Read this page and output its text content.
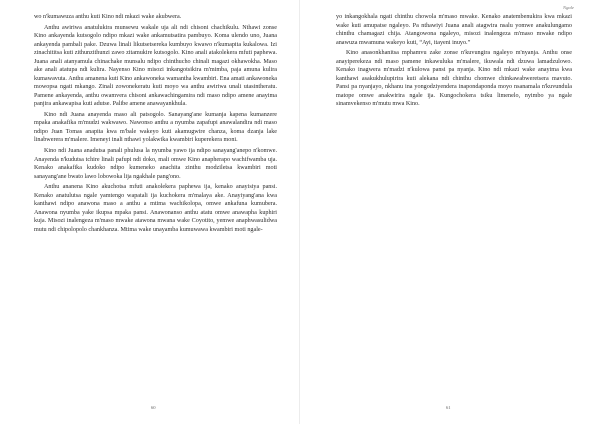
wo n'kumawuza anthu kuti Kino ndi mkazi wake akubwera.

Anthu awiriwa anatulukira munsewu wakale uja ali ndi chisoni chachikulu. Nthawi zonse Kino ankayenda kutsogolo ndipo mkazi wake ankamutsatira pambuyo. Koma ulendo uno, Juana ankayenda pambali pake. Dzuwa linali likutsetsereka kumbuyo kwawo n'kumapita kukalowa. Izi zinachititsa kuti zithunzithunzi zawo zitamukire kutsogolo. Kino anali atakolekera mfuti paphewa. Juana anali atanyamula chinachake munsalu ndipo chinthucho chinali magazi okhawokha. Maso ake anali atatupa ndi kulira. Nayenso Kino misozi inkangotsikira m'mimba, paja amuna kulira kumawavuta. Anthu amanena kuti Kino ankawoneka wamantha kwambiri. Ena amati ankawoneka mowopsa ngati mkango. Zinali zowonekeratu kuti moyo wa anthu awiriwa unali utasintheratu. Pamene ankayenda, anthu owamvera chisoni ankawachingamira ndi maso ndipo amene anayima panjira ankawapisa kuti adutse. Palibe amene anawayankhula.

Kino ndi Juana anayenda maso ali patsogolo. Sanayang'ane kumanja kapena kumanzere mpaka anakafika m'mudzi wakwawo. Nawonso anthu a nyumba zapafupi anawalandira ndi maso ndipo Juan Tomas anapita kwa m'bale wakeyo kuti akamugwire chanza, koma dzanja lake linabwerera m'malere. Imeneyi inali nthawi yolakwika kwambiri kuperekera moni.

Kino ndi Juana anadutsa panali phulusa la nyumba yawo ija ndipo sanayang'anepo n'komwe. Anayenda n'kudutsa tchire linali pafupi ndi doko, mali omwe Kino anapherapo wachifwamba uja. Kenako anakafika kudoko ndipo kumeneko anachita zinthu modziletsa kwambiri moti sanayang'ane bwato lawo lobowoka lija ngakhale pang'ono.

Anthu ananena Kino akuchotsa mfuti anakolekera paphewa ija, kenako anayisiya pansi. Kenako anatulutsa ngale yamtengo wapatali ija kuchokera m'malaya ake. Anayiyang'ana kwa kanthawi ndipo anawona maso a anthu a mtima wachikolopa, omwe ankafuna kumubera. Anawona nyumba yake ikupsa mpaka pansi. Anawonanso anthu atatu omwe anawapha kuphiri kuja. Misozi inalengeza m'maso mwake atawona mwana wake Coyotito, yemwe anaphwasulidwa mutu ndi chipolopolo chankhanza. Mtima wake unayamba kumuwawa kwambiri moti ngale-

60
Ngale

yo inkangokhala ngati chinthu chowola m'maso mwake. Kenako anatembenukira kwa mkazi wake kuti amupatse ngaleyo. Pa nthawiyi Juana anali atagwira nsalu yomwe anakulungamo chinthu chamagazi chija. Atangowona ngaleyo, misozi inalengeza m'maso mwake ndipo anawuza mwamuna wakeyo kuti, “Ayi, itayeni inuyo.”

Kino anasonkhanitsa mphamvu zake zonse n'kuvungira ngaleyo m'nyanja. Anthu onse anayiperekeza ndi maso pamene inkawuluka m'malere, ikuwala ndi dzuwa lamadzulowo. Kenako inagwera m'madzi n'kulowa pansi pa nyanja. Kino ndi mkazi wake anayima kwa kanthawi asakukhulupirira kuti alekana ndi chinthu chomwe chinkawabweretsera mavuto. Pansi pa nyanjayo, nkhanu ina yongodziyendera inapondaponda moyo nsanamala n'kuvundula matope omwe anakwirira ngale ija. Kungochokera tsiku limenelo, nyimbo ya ngale sinamvekenso m'mutu mwa Kino.

61
